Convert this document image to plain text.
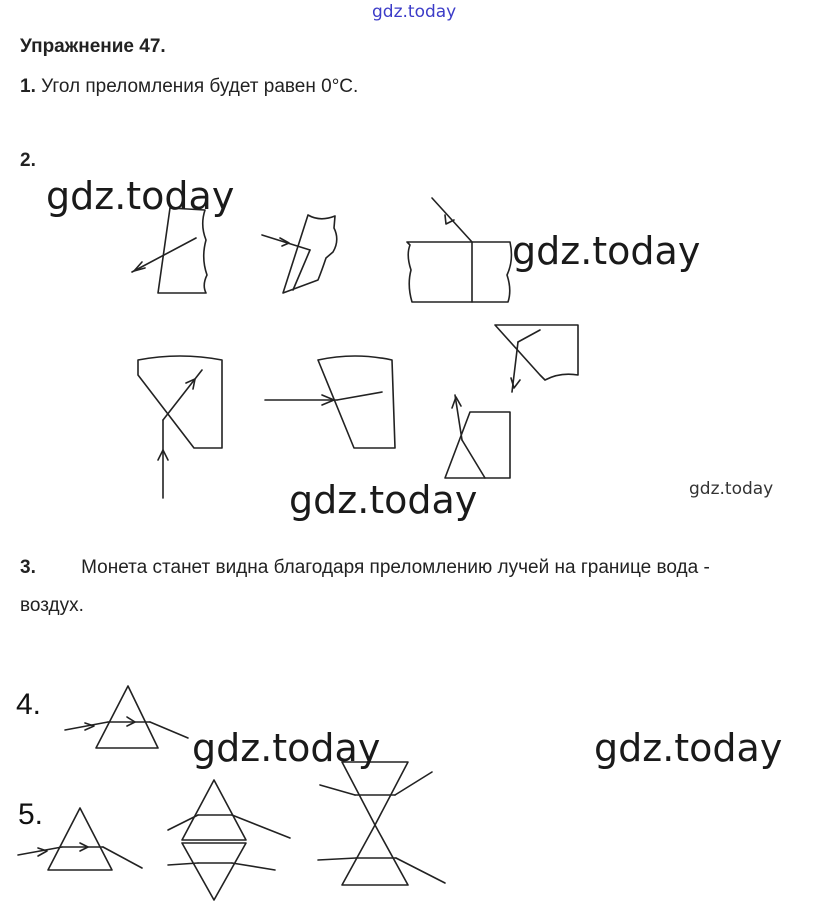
gdz.today
Упражнение 47.
1. Угол преломления будет равен 0°С.
2.
3. Монета станет видна благодаря преломлению лучей на границе вода -
воздух.
4.
5.
gdz.today
gdz.today
gdz.today	gdz.today
gdz.today	gdz.today
